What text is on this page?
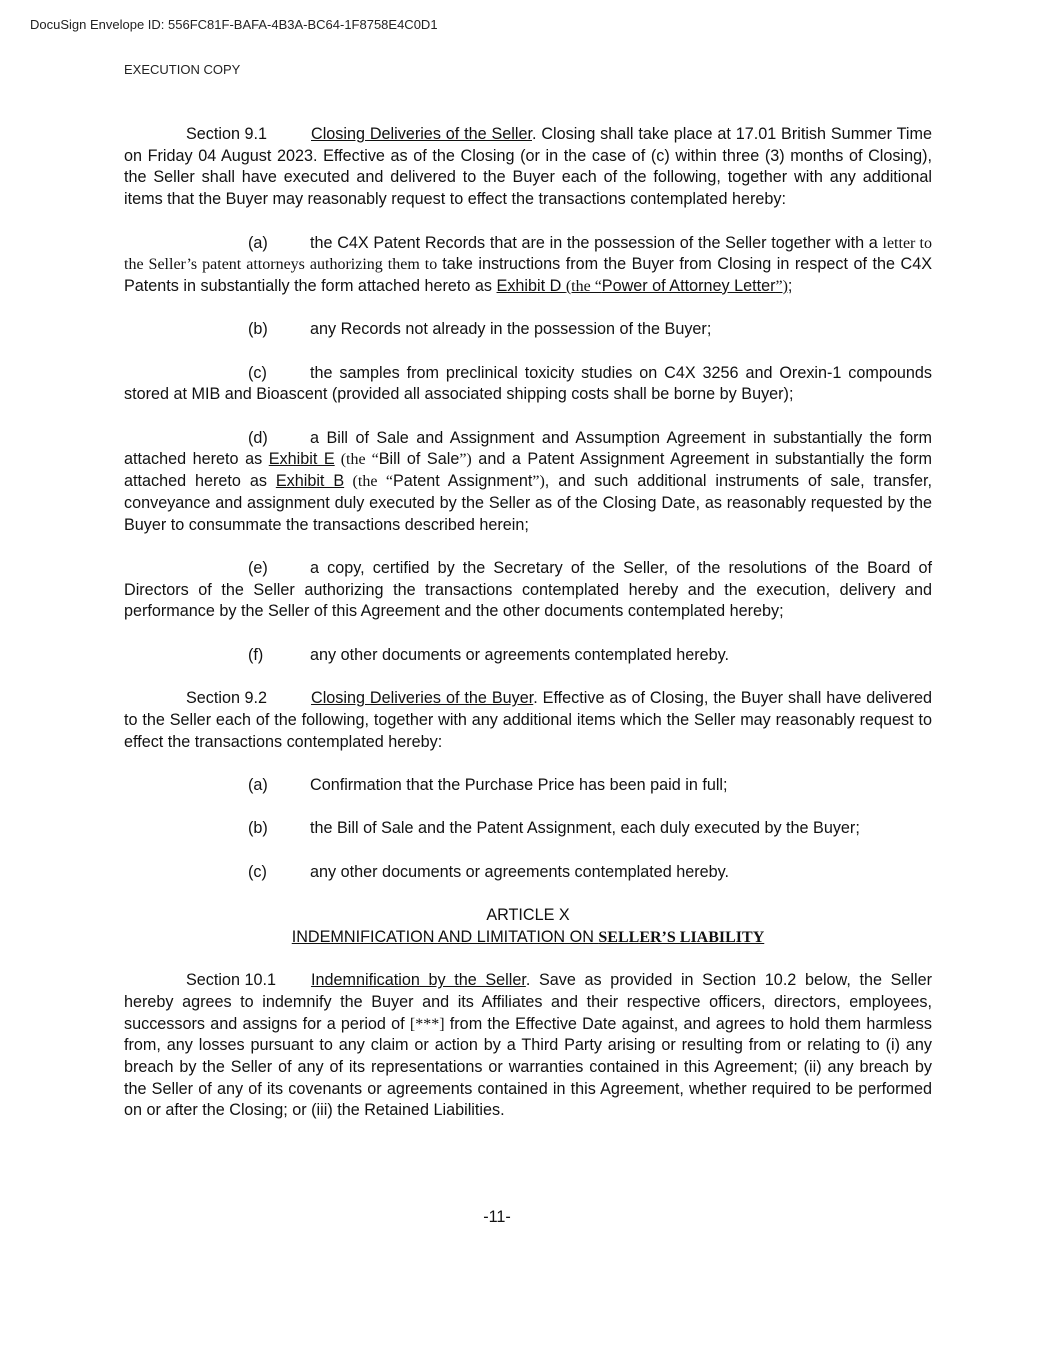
DocuSign Envelope ID: 556FC81F-BAFA-4B3A-BC64-1F8758E4C0D1
EXECUTION COPY

Section 9.1	Closing Deliveries of the Seller. Closing shall take place at 17.01 British Summer Time on Friday 04 August 2023. Effective as of the Closing (or in the case of (c) within three (3) months of Closing), the Seller shall have executed and delivered to the Buyer each of the following, together with any additional items that the Buyer may reasonably request to effect the transactions contemplated hereby:

(a)	the C4X Patent Records that are in the possession of the Seller together with a letter to the Seller’s patent attorneys authorizing them to take instructions from the Buyer from Closing in respect of the C4X Patents in substantially the form attached hereto as Exhibit D (the “Power of Attorney Letter”);

(b)	any Records not already in the possession of the Buyer;

(c)	the samples from preclinical toxicity studies on C4X 3256 and Orexin-1 compounds stored at MIB and Bioascent (provided all associated shipping costs shall be borne by Buyer);

(d)	a Bill of Sale and Assignment and Assumption Agreement in substantially the form attached hereto as Exhibit E (the “Bill of Sale”) and a Patent Assignment Agreement in substantially the form attached hereto as Exhibit B (the “Patent Assignment”), and such additional instruments of sale, transfer, conveyance and assignment duly executed by the Seller as of the Closing Date, as reasonably requested by the Buyer to consummate the transactions described herein;

(e)	a copy, certified by the Secretary of the Seller, of the resolutions of the Board of Directors of the Seller authorizing the transactions contemplated hereby and the execution, delivery and performance by the Seller of this Agreement and the other documents contemplated hereby;

(f)	any other documents or agreements contemplated hereby.

Section 9.2	Closing Deliveries of the Buyer. Effective as of Closing, the Buyer shall have delivered to the Seller each of the following, together with any additional items which the Seller may reasonably request to effect the transactions contemplated hereby:

(a)	Confirmation that the Purchase Price has been paid in full;

(b)	the Bill of Sale and the Patent Assignment, each duly executed by the Buyer;

(c)	any other documents or agreements contemplated hereby.

ARTICLE X
INDEMNIFICATION AND LIMITATION ON SELLER’S LIABILITY

Section 10.1 Indemnification by the Seller. Save as provided in Section 10.2 below, the Seller hereby agrees to indemnify the Buyer and its Affiliates and their respective officers, directors, employees, successors and assigns for a period of [***] from the Effective Date against, and agrees to hold them harmless from, any losses pursuant to any claim or action by a Third Party arising or resulting from or relating to (i) any breach by the Seller of any of its representations or warranties contained in this Agreement; (ii) any breach by the Seller of any of its covenants or agreements contained in this Agreement, whether required to be performed on or after the Closing; or (iii) the Retained Liabilities.

-11-
